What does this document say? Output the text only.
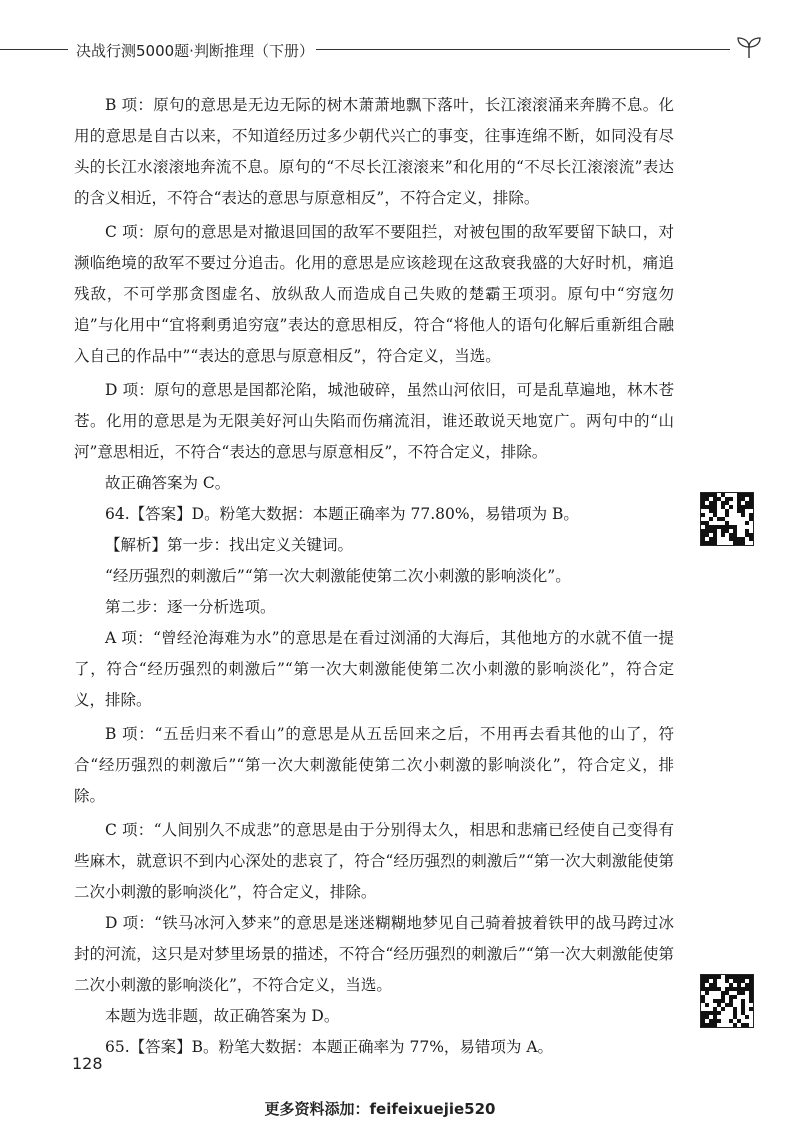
决战行测5000题·判断推理（下册）

B 项：原句的意思是无边无际的树木萧萧地飘下落叶，长江滚滚涌来奔腾不息。化用的意思是自古以来，不知道经历过多少朝代兴亡的事变，往事连绵不断，如同没有尽头的长江水滚滚地奔流不息。原句的“不尽长江滚滚来”和化用的“不尽长江滚滚流”表达的含义相近，不符合“表达的意思与原意相反”，不符合定义，排除。

C 项：原句的意思是对撤退回国的敌军不要阻拦，对被包围的敌军要留下缺口，对濒临绝境的敌军不要过分追击。化用的意思是应该趁现在这敌衰我盛的大好时机，痛追残敌，不可学那贪图虚名、放纵敌人而造成自己失败的楚霸王项羽。原句中“穷寇勿追”与化用中“宜将剩勇追穷寇”表达的意思相反，符合“将他人的语句化解后重新组合融入自己的作品中”“表达的意思与原意相反”，符合定义，当选。

D 项：原句的意思是国都沦陷，城池破碎，虽然山河依旧，可是乱草遍地，林木苍苍。化用的意思是为无限美好河山失陷而伤痛流泪，谁还敢说天地宽广。两句中的“山河”意思相近，不符合“表达的意思与原意相反”，不符合定义，排除。

故正确答案为 C。

64.【答案】D。粉笔大数据：本题正确率为 77.80%，易错项为 B。

【解析】第一步：找出定义关键词。

“经历强烈的刺激后”“第一次大刺激能使第二次小刺激的影响淡化”。

第二步：逐一分析选项。

A 项：“曾经沧海难为水”的意思是在看过浏涌的大海后，其他地方的水就不值一提了，符合“经历强烈的刺激后”“第一次大刺激能使第二次小刺激的影响淡化”，符合定义，排除。

B 项：“五岳归来不看山”的意思是从五岳回来之后，不用再去看其他的山了，符合“经历强烈的刺激后”“第一次大刺激能使第二次小刺激的影响淡化”，符合定义，排除。

C 项：“人间别久不成悲”的意思是由于分别得太久，相思和悲痛已经使自己变得有些麻木，就意识不到内心深处的悲哀了，符合“经历强烈的刺激后”“第一次大刺激能使第二次小刺激的影响淡化”，符合定义，排除。

D 项：“铁马冰河入梦来”的意思是迷迷糊糊地梦见自己骑着披着铁甲的战马跨过冰封的河流，这只是对梦里场景的描述，不符合“经历强烈的刺激后”“第一次大刺激能使第二次小刺激的影响淡化”，不符合定义，当选。

本题为选非题，故正确答案为 D。

65.【答案】B。粉笔大数据：本题正确率为 77%，易错项为 A。

128
更多资料添加：feifeixuejie520
